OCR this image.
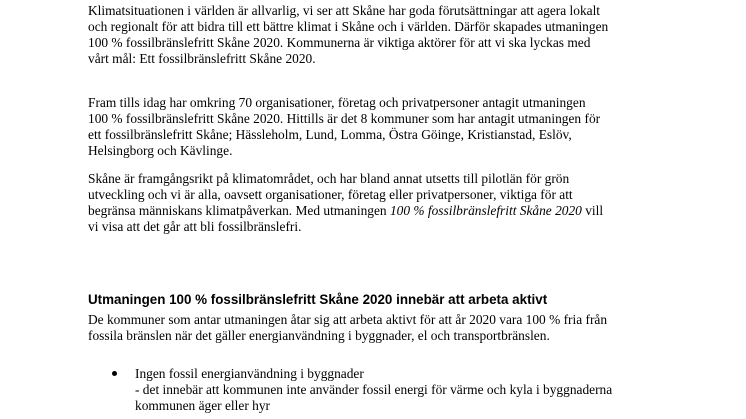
Klimatsituationen i världen är allvarlig, vi ser att Skåne har goda förutsättningar att agera lokalt
och regionalt för att bidra till ett bättre klimat i Skåne och i världen. Därför skapades utmaningen
100 % fossilbränslefritt Skåne 2020. Kommunerna är viktiga aktörer för att vi ska lyckas med
vårt mål: Ett fossilbränslefritt Skåne 2020.

Fram tills idag har omkring 70 organisationer, företag och privatpersoner antagit utmaningen
100 % fossilbränslefritt Skåne 2020. Hittills är det 8 kommuner som har antagit utmaningen för
ett fossilbränslefritt Skåne; Hässleholm, Lund, Lomma, Östra Göinge, Kristianstad, Eslöv,
Helsingborg och Kävlinge.

Skåne är framgångsrikt på klimatområdet, och har bland annat utsetts till pilotlän för grön
utveckling och vi är alla, oavsett organisationer, företag eller privatpersoner, viktiga för att
begränsa människans klimatpåverkan. Med utmaningen 100 % fossilbränslefritt Skåne 2020 vill
vi visa att det går att bli fossilbränslefri.

Utmaningen 100 % fossilbränslefritt Skåne 2020 innebär att arbeta aktivt

De kommuner som antar utmaningen åtar sig att arbeta aktivt för att år 2020 vara 100 % fria från
fossila bränslen när det gäller energianvändning i byggnader, el och transportbränslen.

Ingen fossil energianvändning i byggnader
- det innebär att kommunen inte använder fossil energi för värme och kyla i byggnaderna
kommunen äger eller hyr
